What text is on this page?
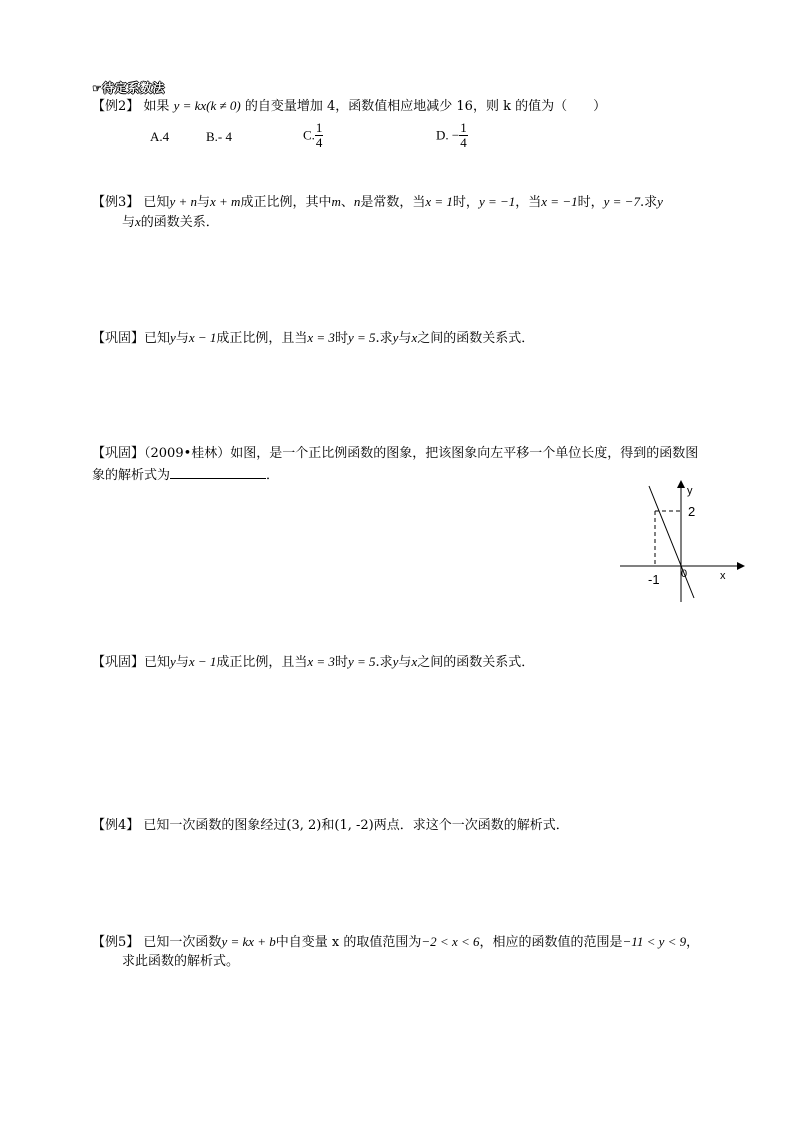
☞待定系数法
【例2】 如果 y = kx(k ≠ 0) 的自变量增加 4，函数值相应地减少 16，则 k 的值为（　　）
A.4	B.- 4	C. $\frac{1}{4}$	D. − $\frac{1}{4}$
【例3】 已知y + n与x + m成正比例，其中m、n是常数，当x = 1时，y = −1，当x = −1时，y = −7.求y
与x的函数关系．
【巩固】已知y与x − 1成正比例，且当x = 3时y = 5.求y与x之间的函数关系式．
【巩固】（2009•桂林）如图，是一个正比例函数的图象，把该图象向左平移一个单位长度，得到的函数图
象的解析式为	．
y
x
2
-1 0
【巩固】已知y与x − 1成正比例，且当x = 3时y = 5.求y与x之间的函数关系式．
【例4】 已知一次函数的图象经过(3, 2)和(1, -2)两点．求这个一次函数的解析式．
【例5】 已知一次函数y = kx + b中自变量 x 的取值范围为−2 < x < 6，相应的函数值的范围是−11 < y < 9，
求此函数的解析式。
